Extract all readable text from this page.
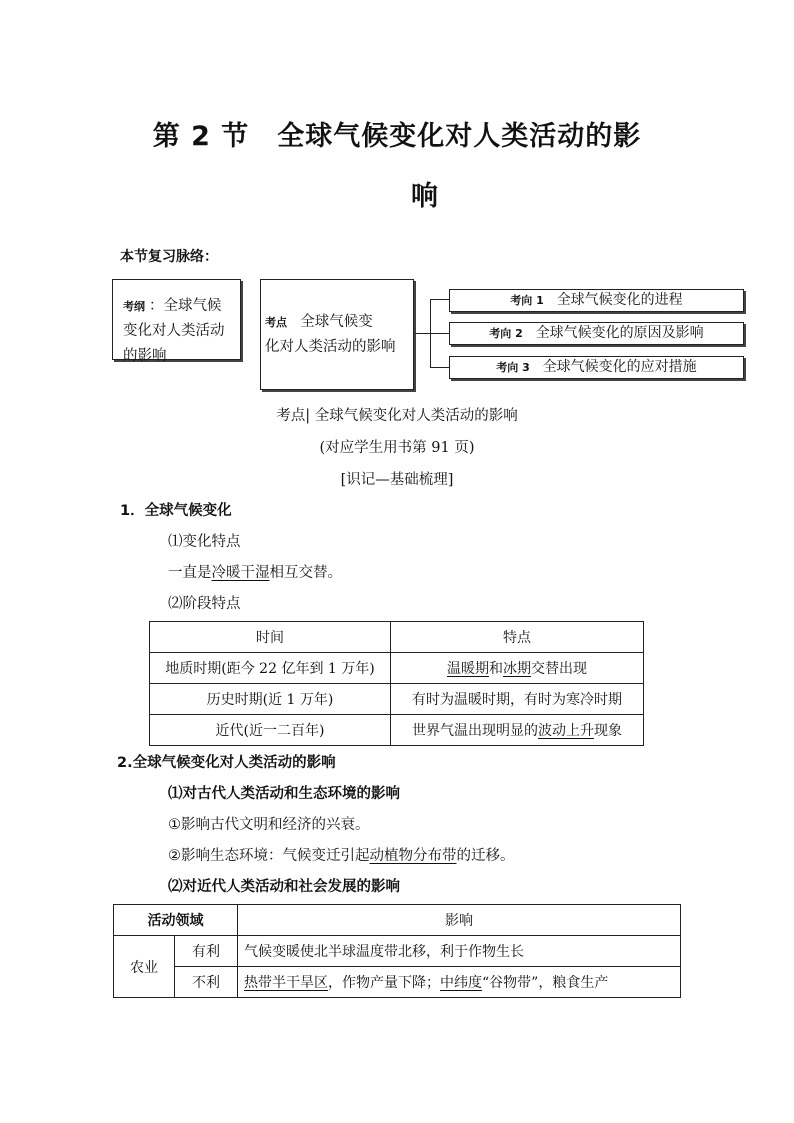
第 2 节　全球气候变化对人类活动的影
响
本节复习脉络：
考纲 ：全球气候
变化对人类活动
的影响
考点 全球气候变
化对人类活动的影响
考向 1 全球气候变化的进程
考向 2 全球气候变化的原因及影响
考向 3 全球气候变化的应对措施
考点| 全球气候变化对人类活动的影响
(对应学生用书第 91 页)
[识记—基础梳理]
1．全球气候变化
⑴变化特点
一直是冷暖干湿相互交替。
⑵阶段特点
时间	特点
地质时期(距今 22 亿年到 1 万年)	温暖期和冰期交替出现
历史时期(近 1 万年)	有时为温暖时期，有时为寒冷时期
近代(近一二百年)	世界气温出现明显的波动上升现象
2.全球气候变化对人类活动的影响
⑴对古代人类活动和生态环境的影响
①影响古代文明和经济的兴衰。
②影响生态环境：气候变迁引起动植物分布带的迁移。
⑵对近代人类活动和社会发展的影响
活动领域		影响
农业	有利	气候变暖使北半球温度带北移，利于作物生长
	不利	热带半干旱区，作物产量下降；中纬度“谷物带”，粮食生产
